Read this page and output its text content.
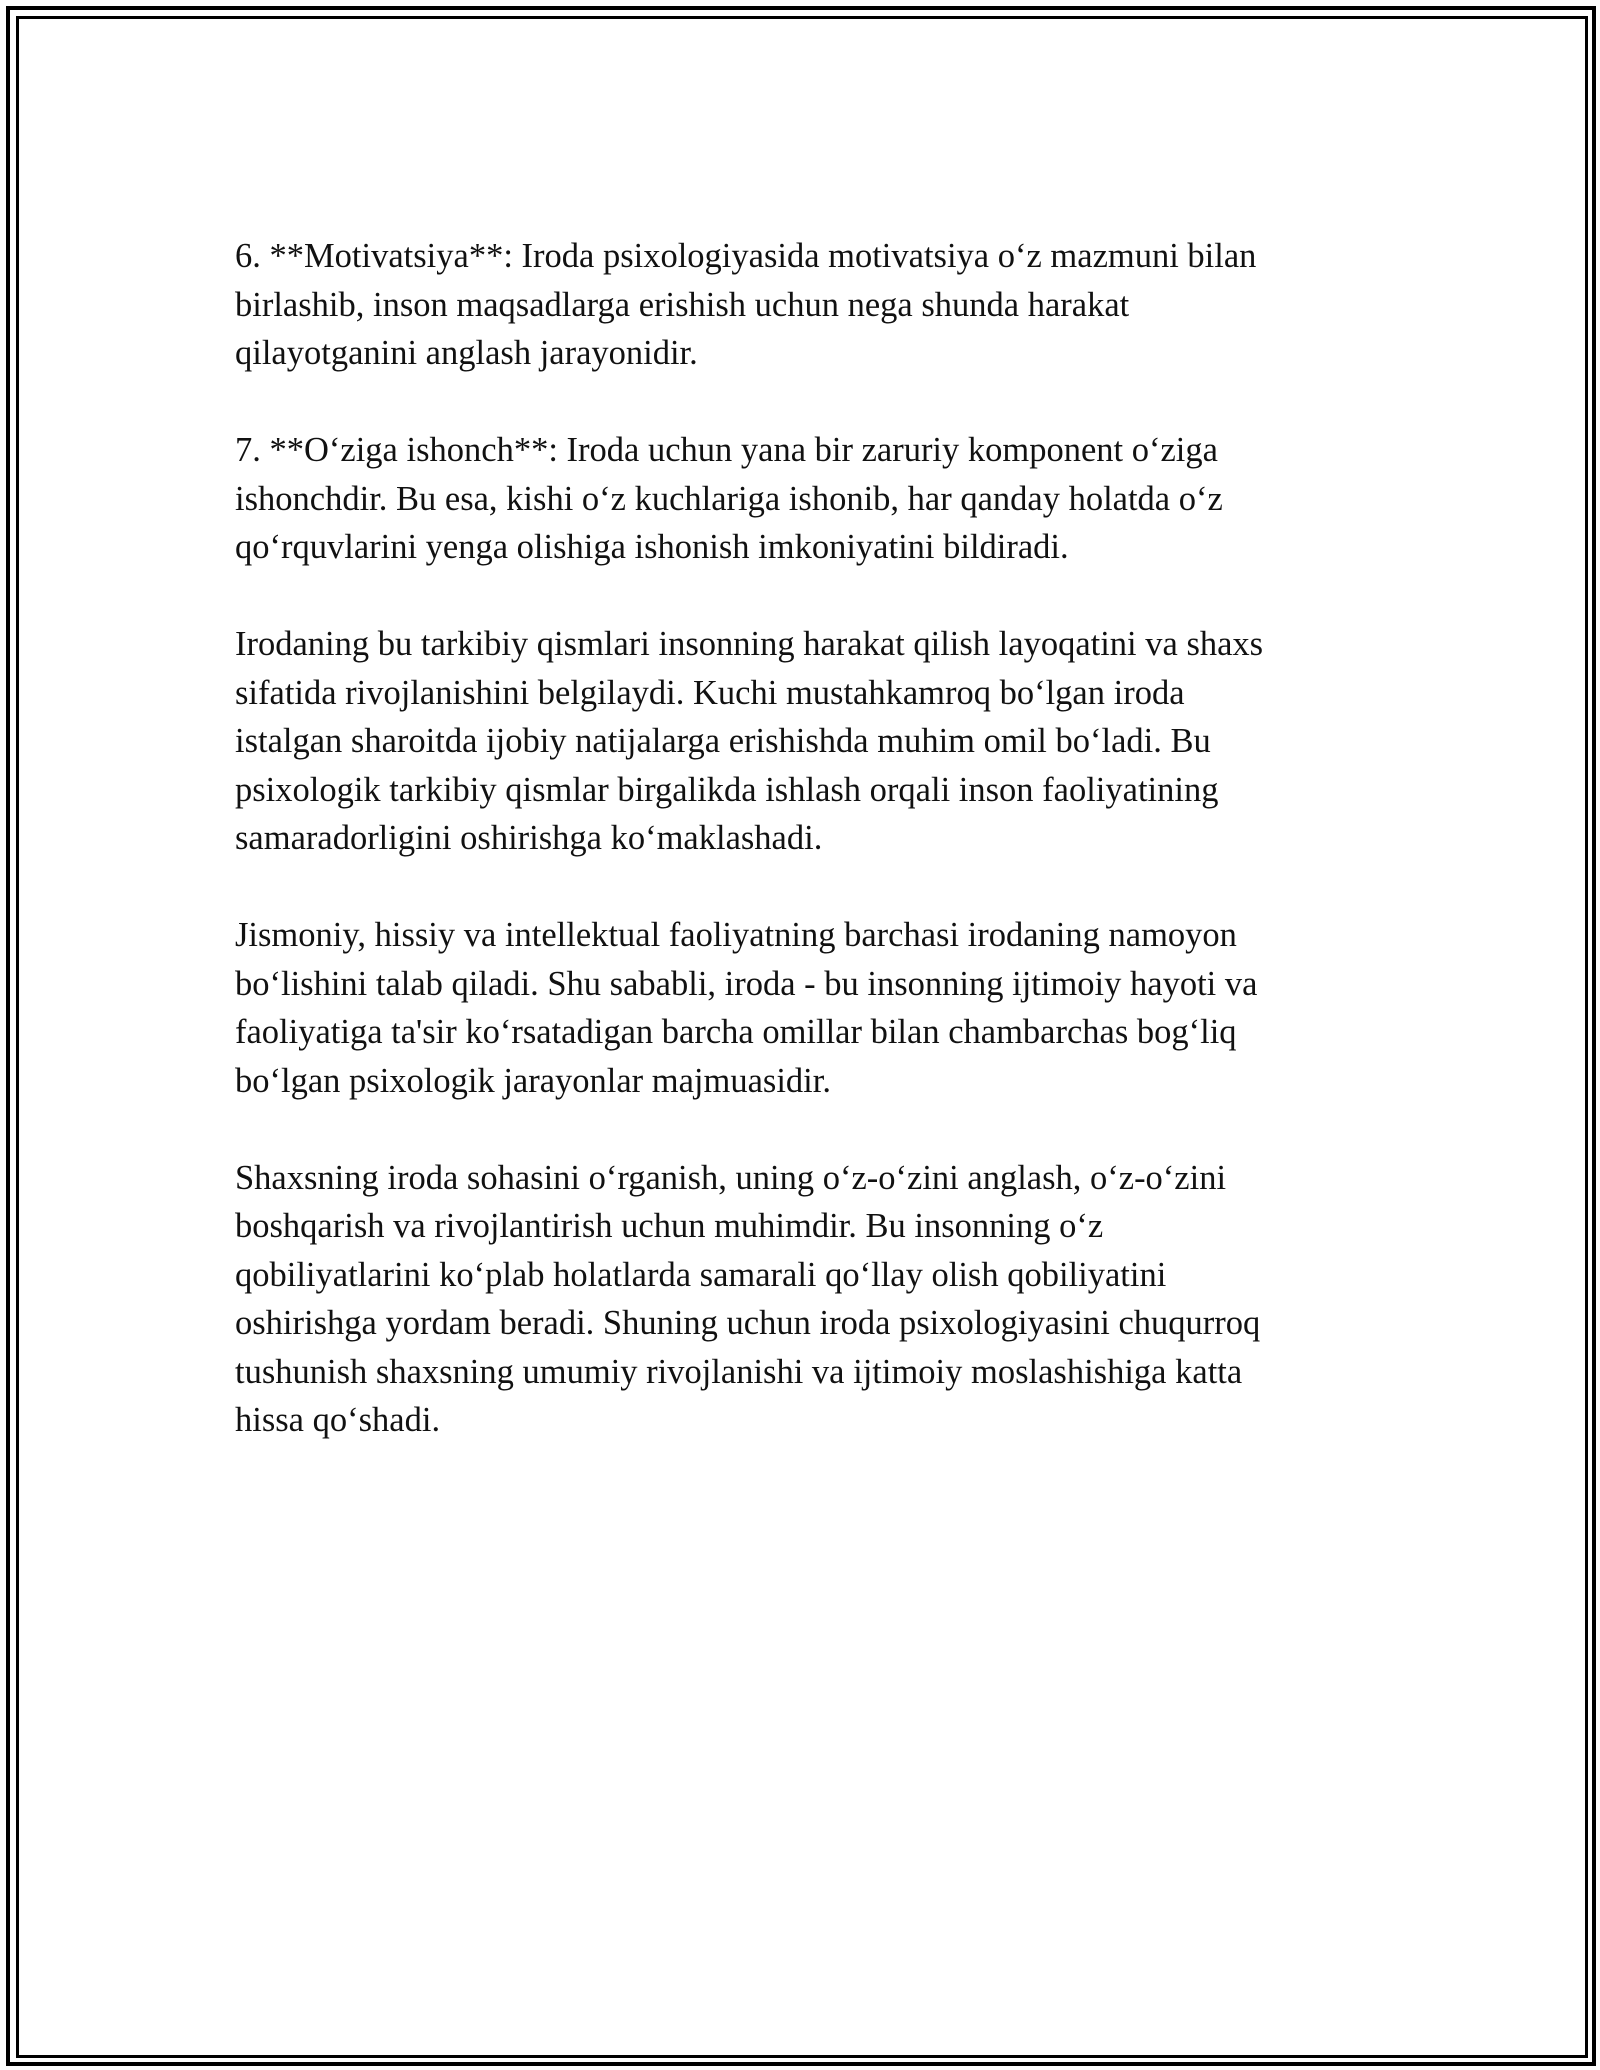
6. **Motivatsiya**: Iroda psixologiyasida motivatsiya o‘z mazmuni bilan
birlashib, inson maqsadlarga erishish uchun nega shunda harakat
qilayotganini anglash jarayonidir.

7. **O‘ziga ishonch**: Iroda uchun yana bir zaruriy komponent o‘ziga
ishonchdir. Bu esa, kishi o‘z kuchlariga ishonib, har qanday holatda o‘z
qo‘rquvlarini yenga olishiga ishonish imkoniyatini bildiradi.

Irodaning bu tarkibiy qismlari insonning harakat qilish layoqatini va shaxs
sifatida rivojlanishini belgilaydi. Kuchi mustahkamroq bo‘lgan iroda
istalgan sharoitda ijobiy natijalarga erishishda muhim omil bo‘ladi. Bu
psixologik tarkibiy qismlar birgalikda ishlash orqali inson faoliyatining
samaradorligini oshirishga ko‘maklashadi.

Jismoniy, hissiy va intellektual faoliyatning barchasi irodaning namoyon
bo‘lishini talab qiladi. Shu sababli, iroda - bu insonning ijtimoiy hayoti va
faoliyatiga ta'sir ko‘rsatadigan barcha omillar bilan chambarchas bog‘liq
bo‘lgan psixologik jarayonlar majmuasidir.

Shaxsning iroda sohasini o‘rganish, uning o‘z-o‘zini anglash, o‘z-o‘zini
boshqarish va rivojlantirish uchun muhimdir. Bu insonning o‘z
qobiliyatlarini ko‘plab holatlarda samarali qo‘llay olish qobiliyatini
oshirishga yordam beradi. Shuning uchun iroda psixologiyasini chuqurroq
tushunish shaxsning umumiy rivojlanishi va ijtimoiy moslashishiga katta
hissa qo‘shadi.
